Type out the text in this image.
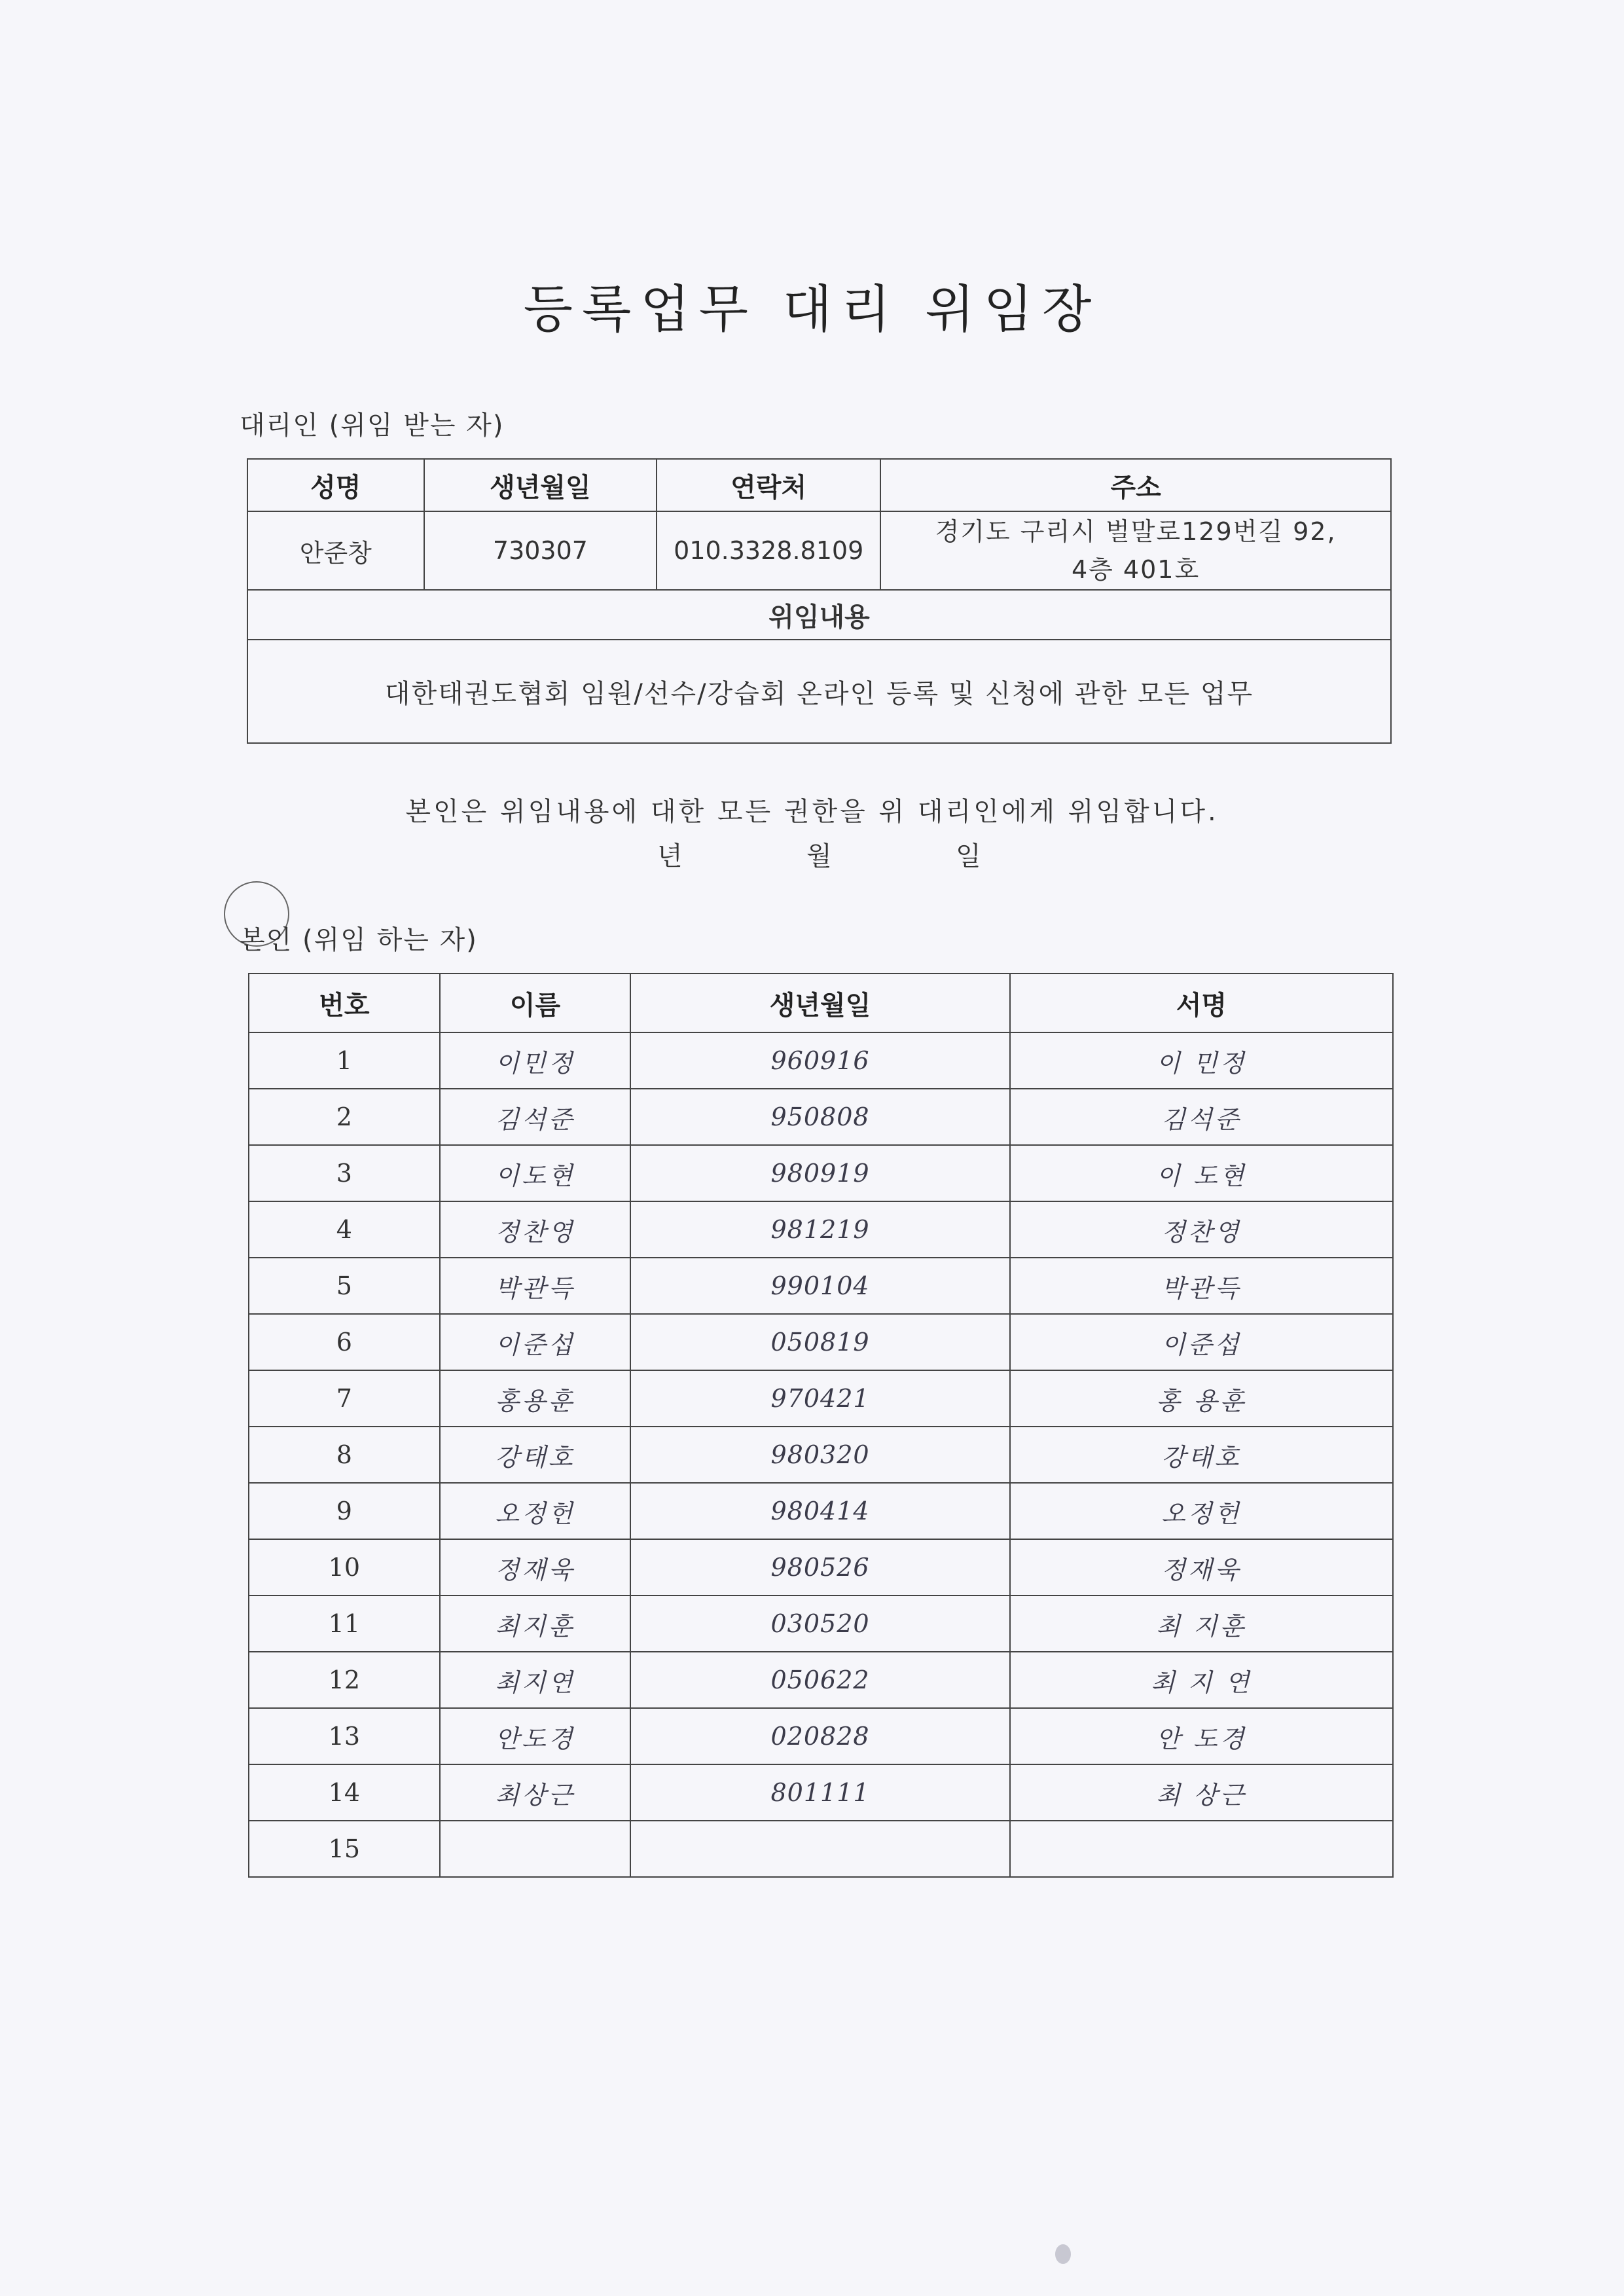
등록업무 대리 위임장
대리인 (위임 받는 자)
성명	생년월일	연락처	주소
안준창	730307	010.3328.8109	경기도 구리시 벌말로129번길 92,
4층 401호

위임내용			
대한태권도협회 임원/선수/강습회 온라인 등록 및 신청에 관한 모든 업무			
본인은 위임내용에 대한 모든 권한을 위 대리인에게 위임합니다.
년	월	일
본인 (위임 하는 자)
번호	이름	생년월일	서명
1	이민정	960916	이 민정
2	김석준	950808	김석준
3	이도현	980919	이 도현
4	정찬영	981219	정찬영
5	박관득	990104	박관득
6	이준섭	050819	이준섭
7	홍용훈	970421	홍 용훈
8	강태호	980320	강태호
9	오정헌	980414	오정헌
10	정재욱	980526	정재욱
11	최지훈	030520	최 지훈
12	최지연	050622	최 지 연
13	안도경	020828	안 도경
14	최상근	801111	최 상근
15			
